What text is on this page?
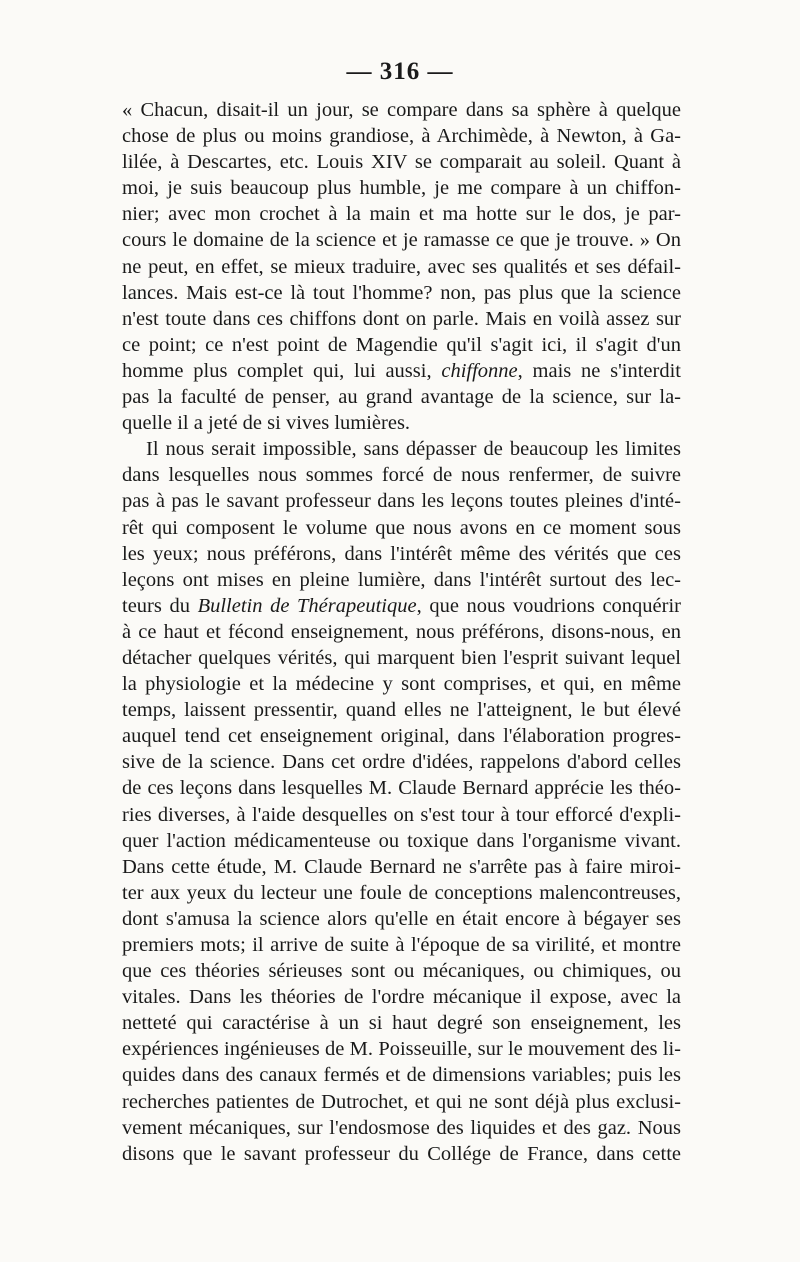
— 316 —
« Chacun, disait-il un jour, se compare dans sa sphère à quelque
chose de plus ou moins grandiose, à Archimède, à Newton, à Ga-
lilée, à Descartes, etc. Louis XIV se comparait au soleil. Quant à
moi, je suis beaucoup plus humble, je me compare à un chiffon-
nier; avec mon crochet à la main et ma hotte sur le dos, je par-
cours le domaine de la science et je ramasse ce que je trouve. » On
ne peut, en effet, se mieux traduire, avec ses qualités et ses défail-
lances. Mais est-ce là tout l'homme? non, pas plus que la science
n'est toute dans ces chiffons dont on parle. Mais en voilà assez sur
ce point; ce n'est point de Magendie qu'il s'agit ici, il s'agit d'un
homme plus complet qui, lui aussi, chiffonne, mais ne s'interdit
pas la faculté de penser, au grand avantage de la science, sur la-
quelle il a jeté de si vives lumières.
Il nous serait impossible, sans dépasser de beaucoup les limites
dans lesquelles nous sommes forcé de nous renfermer, de suivre
pas à pas le savant professeur dans les leçons toutes pleines d'inté-
rêt qui composent le volume que nous avons en ce moment sous
les yeux; nous préférons, dans l'intérêt même des vérités que ces
leçons ont mises en pleine lumière, dans l'intérêt surtout des lec-
teurs du Bulletin de Thérapeutique, que nous voudrions conquérir
à ce haut et fécond enseignement, nous préférons, disons-nous, en
détacher quelques vérités, qui marquent bien l'esprit suivant lequel
la physiologie et la médecine y sont comprises, et qui, en même
temps, laissent pressentir, quand elles ne l'atteignent, le but élevé
auquel tend cet enseignement original, dans l'élaboration progres-
sive de la science. Dans cet ordre d'idées, rappelons d'abord celles
de ces leçons dans lesquelles M. Claude Bernard apprécie les théo-
ries diverses, à l'aide desquelles on s'est tour à tour efforcé d'expli-
quer l'action médicamenteuse ou toxique dans l'organisme vivant.
Dans cette étude, M. Claude Bernard ne s'arrête pas à faire miroi-
ter aux yeux du lecteur une foule de conceptions malencontreuses,
dont s'amusa la science alors qu'elle en était encore à bégayer ses
premiers mots; il arrive de suite à l'époque de sa virilité, et montre
que ces théories sérieuses sont ou mécaniques, ou chimiques, ou
vitales. Dans les théories de l'ordre mécanique il expose, avec la
netteté qui caractérise à un si haut degré son enseignement, les
expériences ingénieuses de M. Poisseuille, sur le mouvement des li-
quides dans des canaux fermés et de dimensions variables; puis les
recherches patientes de Dutrochet, et qui ne sont déjà plus exclusi-
vement mécaniques, sur l'endosmose des liquides et des gaz. Nous
disons que le savant professeur du Collége de France, dans cette
